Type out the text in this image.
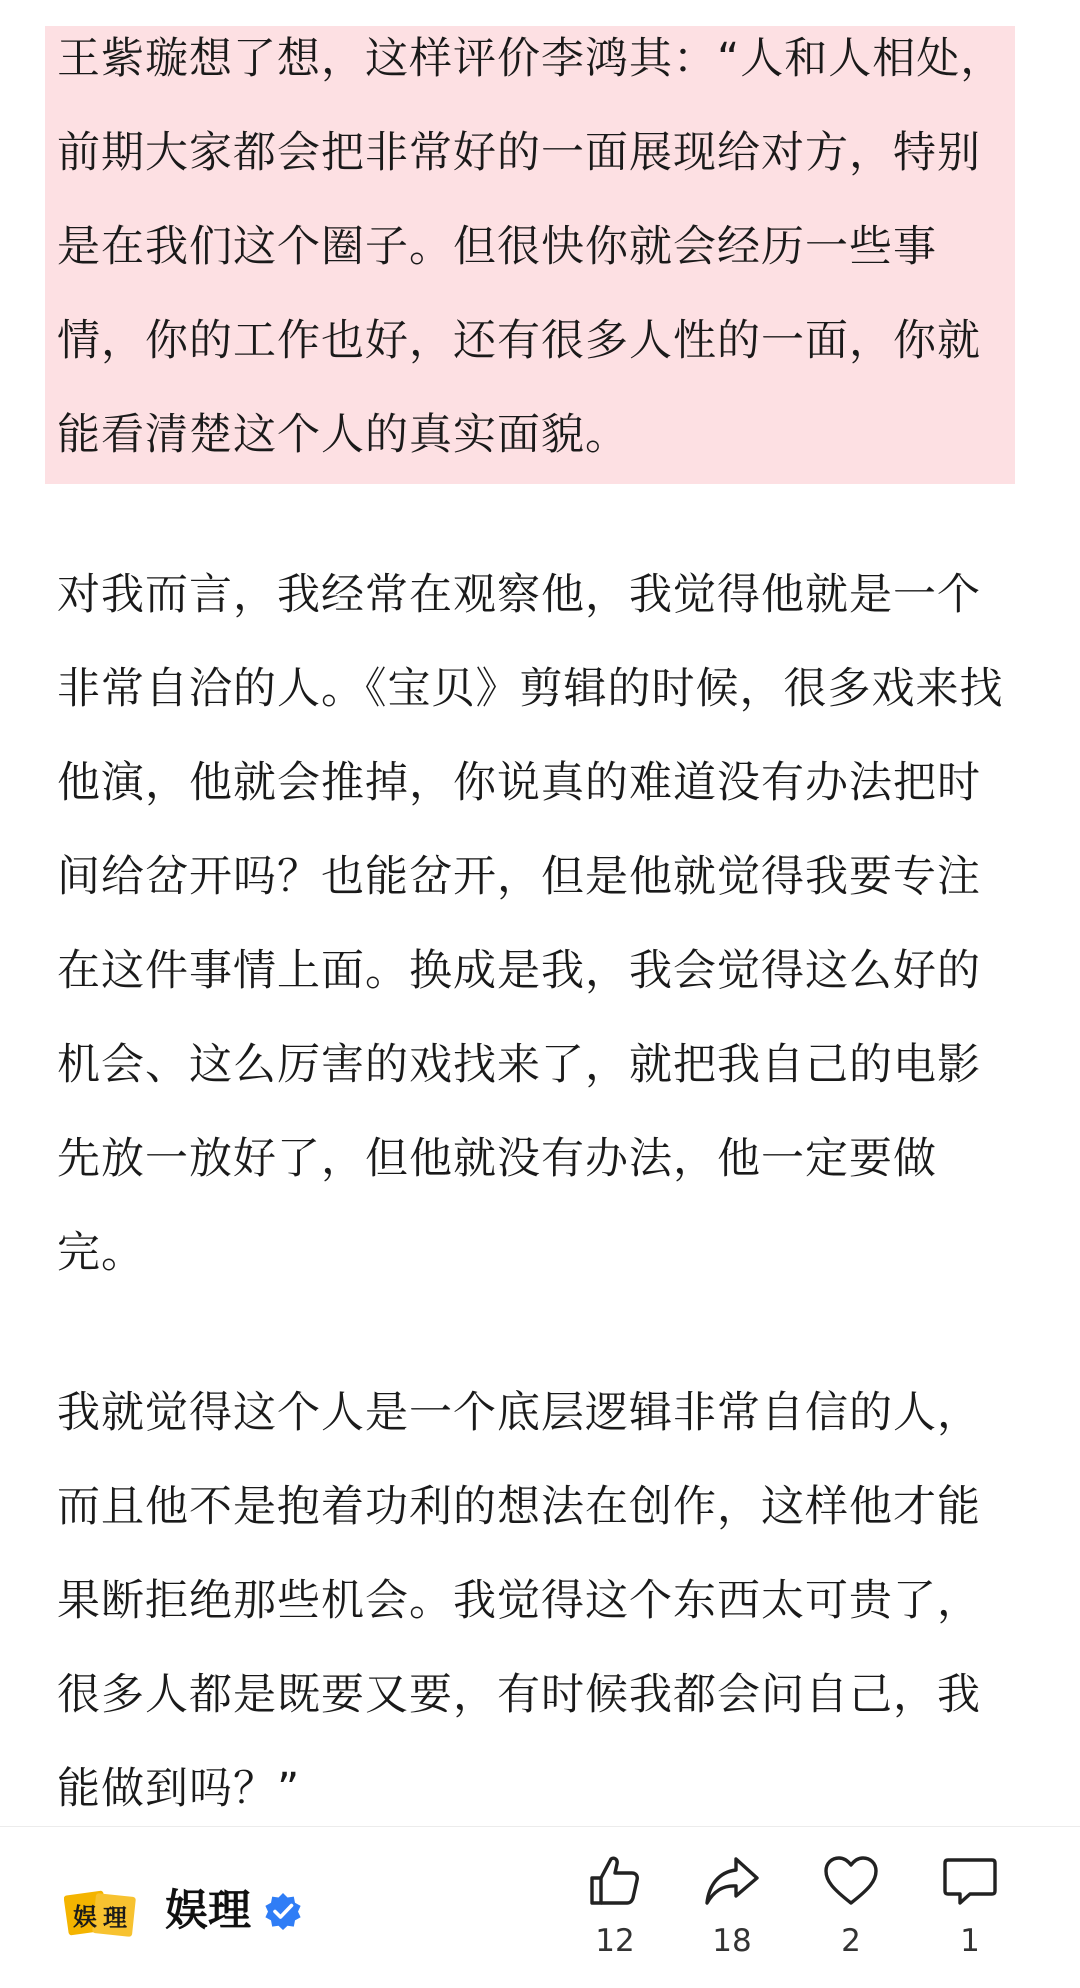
王紫璇想了想，这样评价李鸿其：“人和人相处，前期大家都会把非常好的一面展现给对方，特别是在我们这个圈子。但很快你就会经历一些事情，你的工作也好，还有很多人性的一面，你就能看清楚这个人的真实面貌。

对我而言，我经常在观察他，我觉得他就是一个非常自洽的人。《宝贝》剪辑的时候，很多戏来找他演，他就会推掉，你说真的难道没有办法把时间给岔开吗？也能岔开，但是他就觉得我要专注在这件事情上面。换成是我，我会觉得这么好的机会、这么厉害的戏找来了，就把我自己的电影先放一放好了，但他就没有办法，他一定要做完。

我就觉得这个人是一个底层逻辑非常自信的人，而且他不是抱着功利的想法在创作，这样他才能果断拒绝那些机会。我觉得这个东西太可贵了，很多人都是既要又要，有时候我都会问自己，我能做到吗？”

娱 理 娱理
12	18	2	1
